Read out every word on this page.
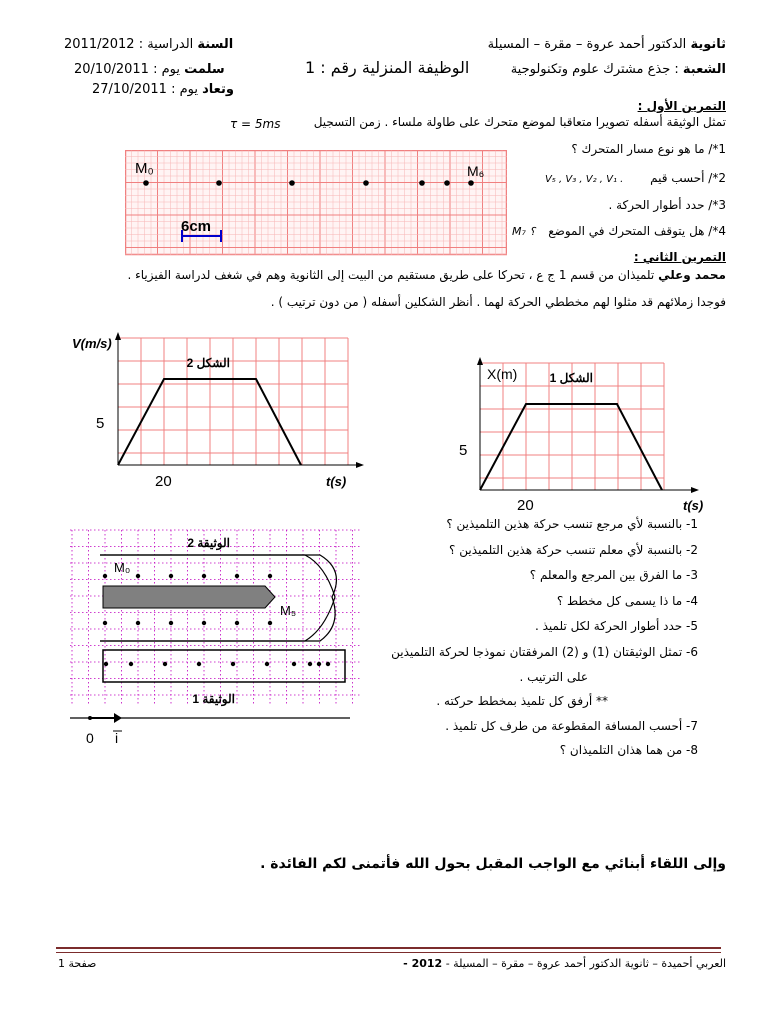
ثانوية الدكتور أحمد عروة – مقرة – المسيلة
السنة الدراسية : 2011/2012
الشعبة : جذع مشترك علوم وتكنولوجية
الوظيفة المنزلية رقم : 1
سلمت يوم : 20/10/2011
وتعاد يوم : 27/10/2011
التمرين الأول :
تمثل الوثيقة أسفله تصويرا متعاقبا لموضع متحرك على طاولة ملساء . زمن التسجيل
τ = 5ms
M₀	M₆
6cm
1*/ ما هو نوع مسار المتحرك ؟
2*/ أحسب قيم
V₅ , V₃ , V₂ , V₁ .
3*/ حدد أطوار الحركة .
4*/ هل يتوقف المتحرك في الموضع
M₇ ؟
التمرين الثاني :
محمد وعلي تلميذان من قسم 1 ج ع ، تحركا على طريق مستقيم من البيت إلى الثانوية وهم في شغف لدراسة الفيزياء .
فوجدا زملائهم قد مثلوا لهم مخططي الحركة لهما . أنظر الشكلين أسفله ( من دون ترتيب ) .
V(m/s)
5
20	t(s)
الشكل 2
X(m)
5
20	t(s)
الشكل 1
M₀
M₅
الوثيقة 2
الوثيقة 1
0 i
1- بالنسبة لأي مرجع تنسب حركة هذين التلميذين ؟
2- بالنسبة لأي معلم تنسب حركة هذين التلميذين ؟
3- ما الفرق بين المرجع والمعلم ؟
4- ما ذا يسمى كل مخطط ؟
5- حدد أطوار الحركة لكل تلميذ .
6- تمثل الوثيقتان (1) و (2) المرفقتان نموذجا لحركة التلميذين
على الترتيب .
** أرفق كل تلميذ بمخطط حركته .
7- أحسب المسافة المقطوعة من طرف كل تلميذ .
8- من هما هذان التلميذان ؟
وإلى اللقاء أبنائي مع الواجب المقبل بحول الله فأتمنى لكم الفائدة .
صفحة 1	العربي أحميدة – ثانوية الدكتور أحمد عروة – مقرة – المسيلة - 2012 -
